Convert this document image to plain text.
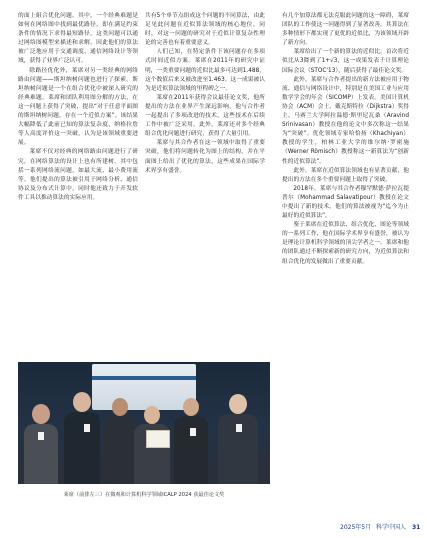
的面上組合优化问题。其中，一个经典难题是如何在网络图中找到最优路径，即在满足约束条件的情况下求得最短路径，这类问题可以通过网络图模型来描述和求解。因此他们的算法被广泛地应用于交通调度、通信网络设计等领域，获得了业界广泛认可。

除路径优化外，莱席对另一类经典的网络路由问题——斯坦纳树问题也进行了探索。斯坦纳树问题是一个在组合优化中被深入研究的经典难题。莱席和团队利用图分解的方法，在这一问题上获得了突破，提出“对于任意平面图的斯坦纳树问题，存在一个近似方案”。该结果大幅降低了此前已知的算法复杂度，纳格拉詹等人高度评价这一突破，认为是该领域重要进展。

莱席不仅对经典的网络路由问题进行了研究，在网络算法的设计上也有所建树。其中包括一系列网络流问题，如最大流、最小费用流等。他们提出的算法被引用于网络分析、通信协议及分布式计算中，同时他还致力于开发软件工具以推动算法的实际应用。

共有5个单节点组成这个问题的不同算法，由此足见此问题在近似算法领域的核心地位。同时，对这一问题的研究对于近似计算复杂性理论的完善也有着重要意义。

人们已知，在特定条件下该问题存在多项式时间近似方案。莱席在2011年的研究中证明，一类重要问题的近似比最多可达到1.488，这个数值后来又被改进至1.463。这一成果被认为是近似算法领域的里程碑之一。

莱席在2011年获得会议最佳论文奖，他所提出的方法在业界产生深远影响。他与合作者一起提出了多项改进的技术，这些技术在后续工作中被广泛采用。此外，莱席还对多个经典组合优化问题进行研究，获得了大量引用。

莱席与其合作者在这一领域中取得了重要突破，他们将问题转化为图上的结构，并在平面图上给出了优化的算法，这些成果在国际学术界享有盛誉。

有几个加算法都无法克服此问题的这一障碍，莱席团队的工作使这一问题得到了显著改善。其算法在多种情形下都实现了更优的近似比，为该领域开辟了新方向。

莱席给出了一个新的算法的近似比。首次将近似比从3降到了1+√3，这一成果发表于计算理论国际会议（STOC'13），随后获得了最佳论文奖。

此外，莱席与合作者提出的新方法被应用于物流、通信与网络设计中，特别是在美国工业与应用数学学会的年会（SICOMP）上发表。美国计算机协会（ACM）会士、戴克斯特拉（Dijkstra）奖得主、马赛兰大学阿拉温德·斯里尼瓦桑（Aravind Srinivasan）教授在他的论文中多次称这一结果为“突破”。优化领域专家哈恰扬（Khachiyan）教授的学生，柏林工业大学的维尔纳·罗密施（Werner Römisch）教授称这一新算法为“创新性的近似算法”。

此外，莱席在近似算法领域也有显著贡献，他提出的方法在多个重要问题上取得了突破。

2018年，莱席与其合作者穆罕默德·萨拉瓦提普尔（Mohammad Salavatipour）教授在论文中提出了新的技术，他们的算法被视为“迄今为止最好的近似算法”。

鉴于莱席在近似算法、组合优化、图论等领域的一系列工作，他在国际学术界享有盛誉，被认为是理论计算机科学领域的顶尖学者之一。莱席和他的团队通过不断探索新的研究方向，为近似算法和组合优化的发展做出了重要贡献。

莱席（前排左三）在微观和计算机科学领域ICALP 2024 获最佳论文奖
2025年5月 科学中国人 31
